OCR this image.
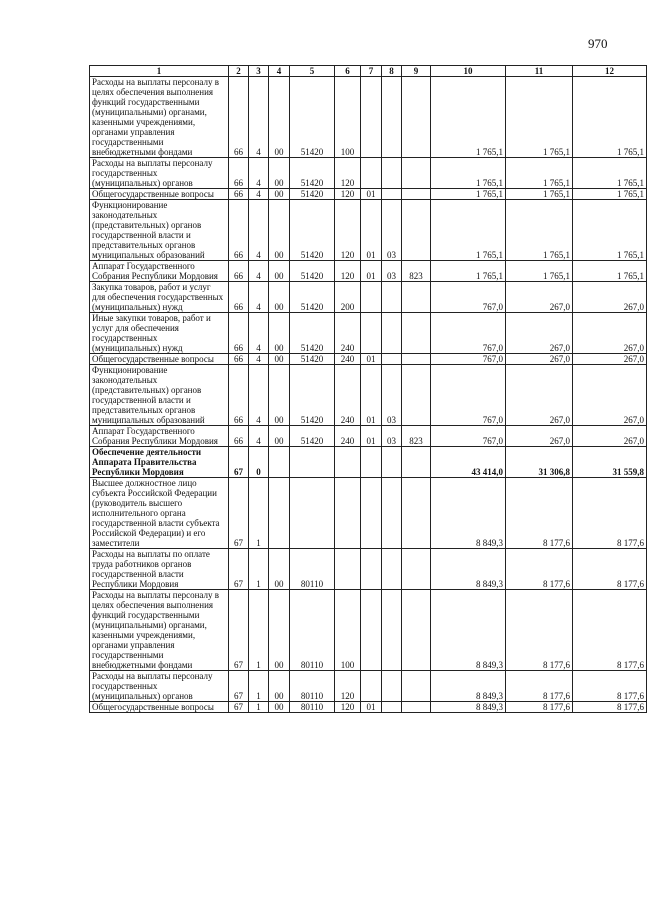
970
1	2	3	4	5	6	7	8	9	10	11	12
Расходы на выплаты персоналу в целях обеспечения выполнения функций государственными (муниципальными) органами, казенными учреждениями, органами управления государственными внебюджетными фондами	66	4	00	51420	100				1 765,1	1 765,1	1 765,1
Расходы на выплаты персоналу государственных (муниципальных) органов	66	4	00	51420	120				1 765,1	1 765,1	1 765,1
Общегосударственные вопросы	66	4	00	51420	120	01			1 765,1	1 765,1	1 765,1
Функционирование законодательных (представительных) органов государственной власти и представительных органов муниципальных образований	66	4	00	51420	120	01	03		1 765,1	1 765,1	1 765,1
Аппарат Государственного Собрания Республики Мордовия	66	4	00	51420	120	01	03	823	1 765,1	1 765,1	1 765,1
Закупка товаров, работ и услуг для обеспечения государственных (муниципальных) нужд	66	4	00	51420	200				767,0	267,0	267,0
Иные закупки товаров, работ и услуг для обеспечения государственных (муниципальных) нужд	66	4	00	51420	240				767,0	267,0	267,0
Общегосударственные вопросы	66	4	00	51420	240	01			767,0	267,0	267,0
Функционирование законодательных (представительных) органов государственной власти и представительных органов муниципальных образований	66	4	00	51420	240	01	03		767,0	267,0	267,0
Аппарат Государственного Собрания Республики Мордовия	66	4	00	51420	240	01	03	823	767,0	267,0	267,0
Обеспечение деятельности Аппарата Правительства Республики Мордовия	67	0							43 414,0	31 306,8	31 559,8
Высшее должностное лицо субъекта Российской Федерации (руководитель высшего исполнительного органа государственной власти субъекта Российской Федерации) и его заместители	67	1							8 849,3	8 177,6	8 177,6
Расходы на выплаты по оплате труда работников органов государственной власти Республики Мордовия	67	1	00	80110					8 849,3	8 177,6	8 177,6
Расходы на выплаты персоналу в целях обеспечения выполнения функций государственными (муниципальными) органами, казенными учреждениями, органами управления государственными внебюджетными фондами	67	1	00	80110	100				8 849,3	8 177,6	8 177,6
Расходы на выплаты персоналу государственных (муниципальных) органов	67	1	00	80110	120				8 849,3	8 177,6	8 177,6
Общегосударственные вопросы	67	1	00	80110	120	01			8 849,3	8 177,6	8 177,6
